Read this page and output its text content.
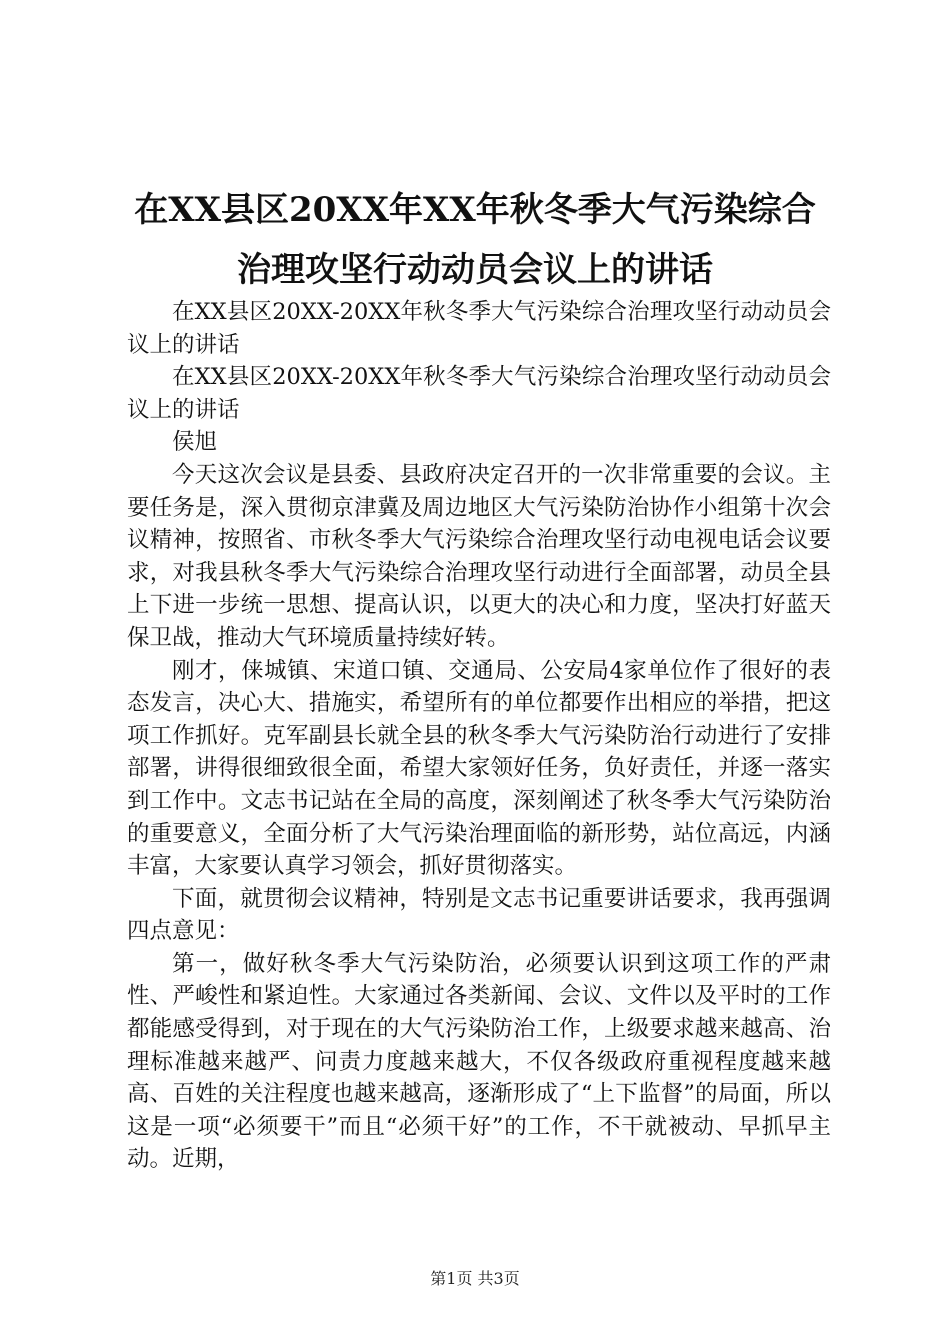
在XX县区20XX年XX年秋冬季大气污染综合
治理攻坚行动动员会议上的讲话

在XX县区20XX-20XX年秋冬季大气污染综合治理攻坚行动动员会议上的讲话

在XX县区20XX-20XX年秋冬季大气污染综合治理攻坚行动动员会议上的讲话

侯旭

今天这次会议是县委、县政府决定召开的一次非常重要的会议。主要任务是，深入贯彻京津冀及周边地区大气污染防治协作小组第十次会议精神，按照省、市秋冬季大气污染综合治理攻坚行动电视电话会议要求，对我县秋冬季大气污染综合治理攻坚行动进行全面部署，动员全县上下进一步统一思想、提高认识，以更大的决心和力度，坚决打好蓝天保卫战，推动大气环境质量持续好转。

刚才，俫城镇、宋道口镇、交通局、公安局4家单位作了很好的表态发言，决心大、措施实，希望所有的单位都要作出相应的举措，把这项工作抓好。克军副县长就全县的秋冬季大气污染防治行动进行了安排部署，讲得很细致很全面，希望大家领好任务，负好责任，并逐一落实到工作中。文志书记站在全局的高度，深刻阐述了秋冬季大气污染防治的重要意义，全面分析了大气污染治理面临的新形势，站位高远，内涵丰富，大家要认真学习领会，抓好贯彻落实。

下面，就贯彻会议精神，特别是文志书记重要讲话要求，我再强调四点意见：

第一，做好秋冬季大气污染防治，必须要认识到这项工作的严肃性、严峻性和紧迫性。大家通过各类新闻、会议、文件以及平时的工作都能感受得到，对于现在的大气污染防治工作，上级要求越来越高、治理标准越来越严、问责力度越来越大，不仅各级政府重视程度越来越高、百姓的关注程度也越来越高，逐渐形成了“上下监督”的局面，所以这是一项“必须要干”而且“必须干好”的工作，不干就被动、早抓早主动。近期，

第1页 共3页
